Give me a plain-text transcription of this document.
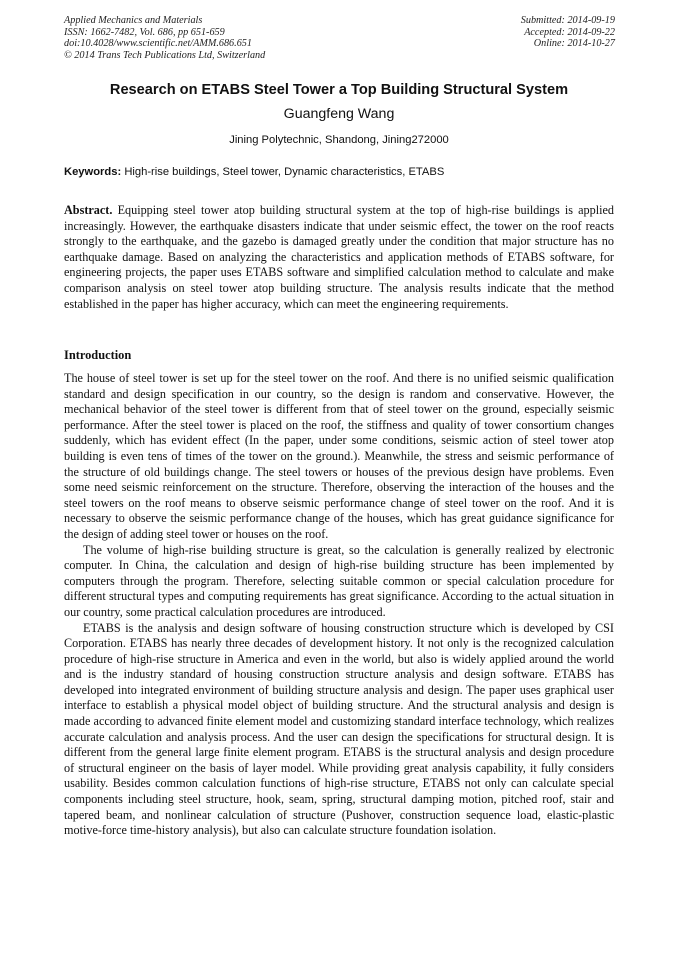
Applied Mechanics and Materials
ISSN: 1662-7482, Vol. 686, pp 651-659
doi:10.4028/www.scientific.net/AMM.686.651
© 2014 Trans Tech Publications Ltd, Switzerland
Submitted: 2014-09-19
Accepted: 2014-09-22
Online: 2014-10-27
Research on ETABS Steel Tower a Top Building Structural System
Guangfeng Wang
Jining Polytechnic, Shandong, Jining272000
Keywords: High-rise buildings, Steel tower, Dynamic characteristics, ETABS

Abstract. Equipping steel tower atop building structural system at the top of high-rise buildings is applied increasingly. However, the earthquake disasters indicate that under seismic effect, the tower on the roof reacts strongly to the earthquake, and the gazebo is damaged greatly under the condition that major structure has no earthquake damage. Based on analyzing the characteristics and application methods of ETABS software, for engineering projects, the paper uses ETABS software and simplified calculation method to calculate and make comparison analysis on steel tower atop building structure. The analysis results indicate that the method established in the paper has higher accuracy, which can meet the engineering requirements.

Introduction

The house of steel tower is set up for the steel tower on the roof. And there is no unified seismic qualification standard and design specification in our country, so the design is random and conservative. However, the mechanical behavior of the steel tower is different from that of steel tower on the ground, especially seismic performance. After the steel tower is placed on the roof, the stiffness and quality of tower consortium changes suddenly, which has evident effect (In the paper, under some conditions, seismic action of steel tower atop building is even tens of times of the tower on the ground.). Meanwhile, the stress and seismic performance of the structure of old buildings change. The steel towers or houses of the previous design have problems. Even some need seismic reinforcement on the structure. Therefore, observing the interaction of the houses and the steel towers on the roof means to observe seismic performance change of steel tower on the roof. And it is necessary to observe the seismic performance change of the houses, which has great guidance significance for the design of adding steel tower or houses on the roof.

The volume of high-rise building structure is great, so the calculation is generally realized by electronic computer. In China, the calculation and design of high-rise building structure has been implemented by computers through the program. Therefore, selecting suitable common or special calculation procedure for different structural types and computing requirements has great significance. According to the actual situation in our country, some practical calculation procedures are introduced.

ETABS is the analysis and design software of housing construction structure which is developed by CSI Corporation. ETABS has nearly three decades of development history. It not only is the recognized calculation procedure of high-rise structure in America and even in the world, but also is widely applied around the world and is the industry standard of housing construction structure analysis and design software. ETABS has developed into integrated environment of building structure analysis and design. The paper uses graphical user interface to establish a physical model object of building structure. And the structural analysis and design is made according to advanced finite element model and customizing standard interface technology, which realizes accurate calculation and analysis process. And the user can design the specifications for structural design. It is different from the general large finite element program. ETABS is the structural analysis and design procedure of structural engineer on the basis of layer model. While providing great analysis capability, it fully considers usability. Besides common calculation functions of high-rise structure, ETABS not only can calculate special components including steel structure, hook, seam, spring, structural damping motion, pitched roof, stair and tapered beam, and nonlinear calculation of structure (Pushover, construction sequence load, elastic-plastic motive-force time-history analysis), but also can calculate structure foundation isolation.
